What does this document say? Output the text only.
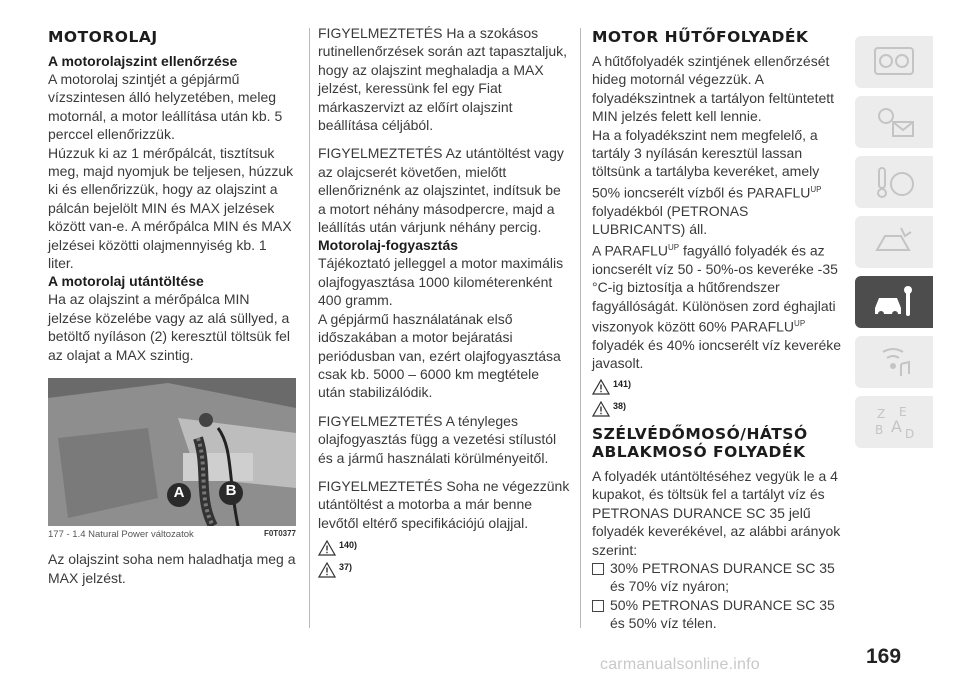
MOTOROLAJ
A motorolajszint ellenőrzése

A motorolaj szintjét a gépjármű vízszintesen álló helyzetében, meleg motornál, a motor leállítása után kb. 5 perccel ellenőrizzük.

Húzzuk ki az 1 mérőpálcát, tisztítsuk meg, majd nyomjuk be teljesen, húzzuk ki és ellenőrizzük, hogy az olajszint a pálcán bejelölt MIN és MAX jelzések között van-e. A mérőpálca MIN és MAX jelzései közötti olajmennyiség kb. 1 liter.

A motorolaj utántöltése

Ha az olajszint a mérőpálca MIN jelzése közelébe vagy az alá süllyed, a betöltő nyíláson (2) keresztül töltsük fel az olajat a MAX szintig.

A	B
177 - 1.4 Natural Power változatok	F0T0377

Az olajszint soha nem haladhatja meg a MAX jelzést.

FIGYELMEZTETÉS Ha a szokásos rutinellenőrzések során azt tapasztaljuk, hogy az olajszint meghaladja a MAX jelzést, keressünk fel egy Fiat márkaszervizt az előírt olajszint beállítása céljából.

FIGYELMEZTETÉS Az utántöltést vagy az olajcserét követően, mielőtt ellenőriznénk az olajszintet, indítsuk be a motort néhány másodpercre, majd a leállítás után várjunk néhány percig.

Motorolaj-fogyasztás

Tájékoztató jelleggel a motor maximális olajfogyasztása 1000 kilométerenként 400 gramm.

A gépjármű használatának első időszakában a motor bejáratási periódusban van, ezért olajfogyasztása csak kb. 5000 – 6000 km megtétele után stabilizálódik.

FIGYELMEZTETÉS A tényleges olajfogyasztás függ a vezetési stílustól és a jármű használati körülményeitől.

FIGYELMEZTETÉS Soha ne végezzünk utántöltést a motorba a már benne levőtől eltérő specifikációjú olajjal.

140)
37)
MOTOR HŰTŐFOLYADÉK

A hűtőfolyadék szintjének ellenőrzését hideg motornál végezzük. A folyadékszintnek a tartályon feltüntetett MIN jelzés felett kell lennie.

Ha a folyadékszint nem megfelelő, a tartály 3 nyílásán keresztül lassan töltsünk a tartályba keveréket, amely 50% ioncserélt vízből és $PARAFLU^{UP}$ folyadékból (PETRONAS LUBRICANTS) áll.

A $PARAFLU^{UP}$ fagyálló folyadék és az ioncserélt víz 50 - 50%-os keveréke -35 °C-ig biztosítja a hűtőrendszer fagyállóságát. Különösen zord éghajlati viszonyok között 60% $PARAFLU^{UP}$ folyadék és 40% ioncserélt víz keveréke javasolt.

141)
38)
SZÉLVÉDŐMOSÓ/HÁTSÓ ABLAKMOSÓ FOLYADÉK

A folyadék utántöltéséhez vegyük le a 4 kupakot, és töltsük fel a tartályt víz és PETRONAS DURANCE SC 35 jelű folyadék keverékével, az alábbi arányok szerint:

30% PETRONAS DURANCE SC 35 és 70% víz nyáron;

50% PETRONAS DURANCE SC 35 és 50% víz télen.

Z E
B A D
169
carmanualsonline.info
